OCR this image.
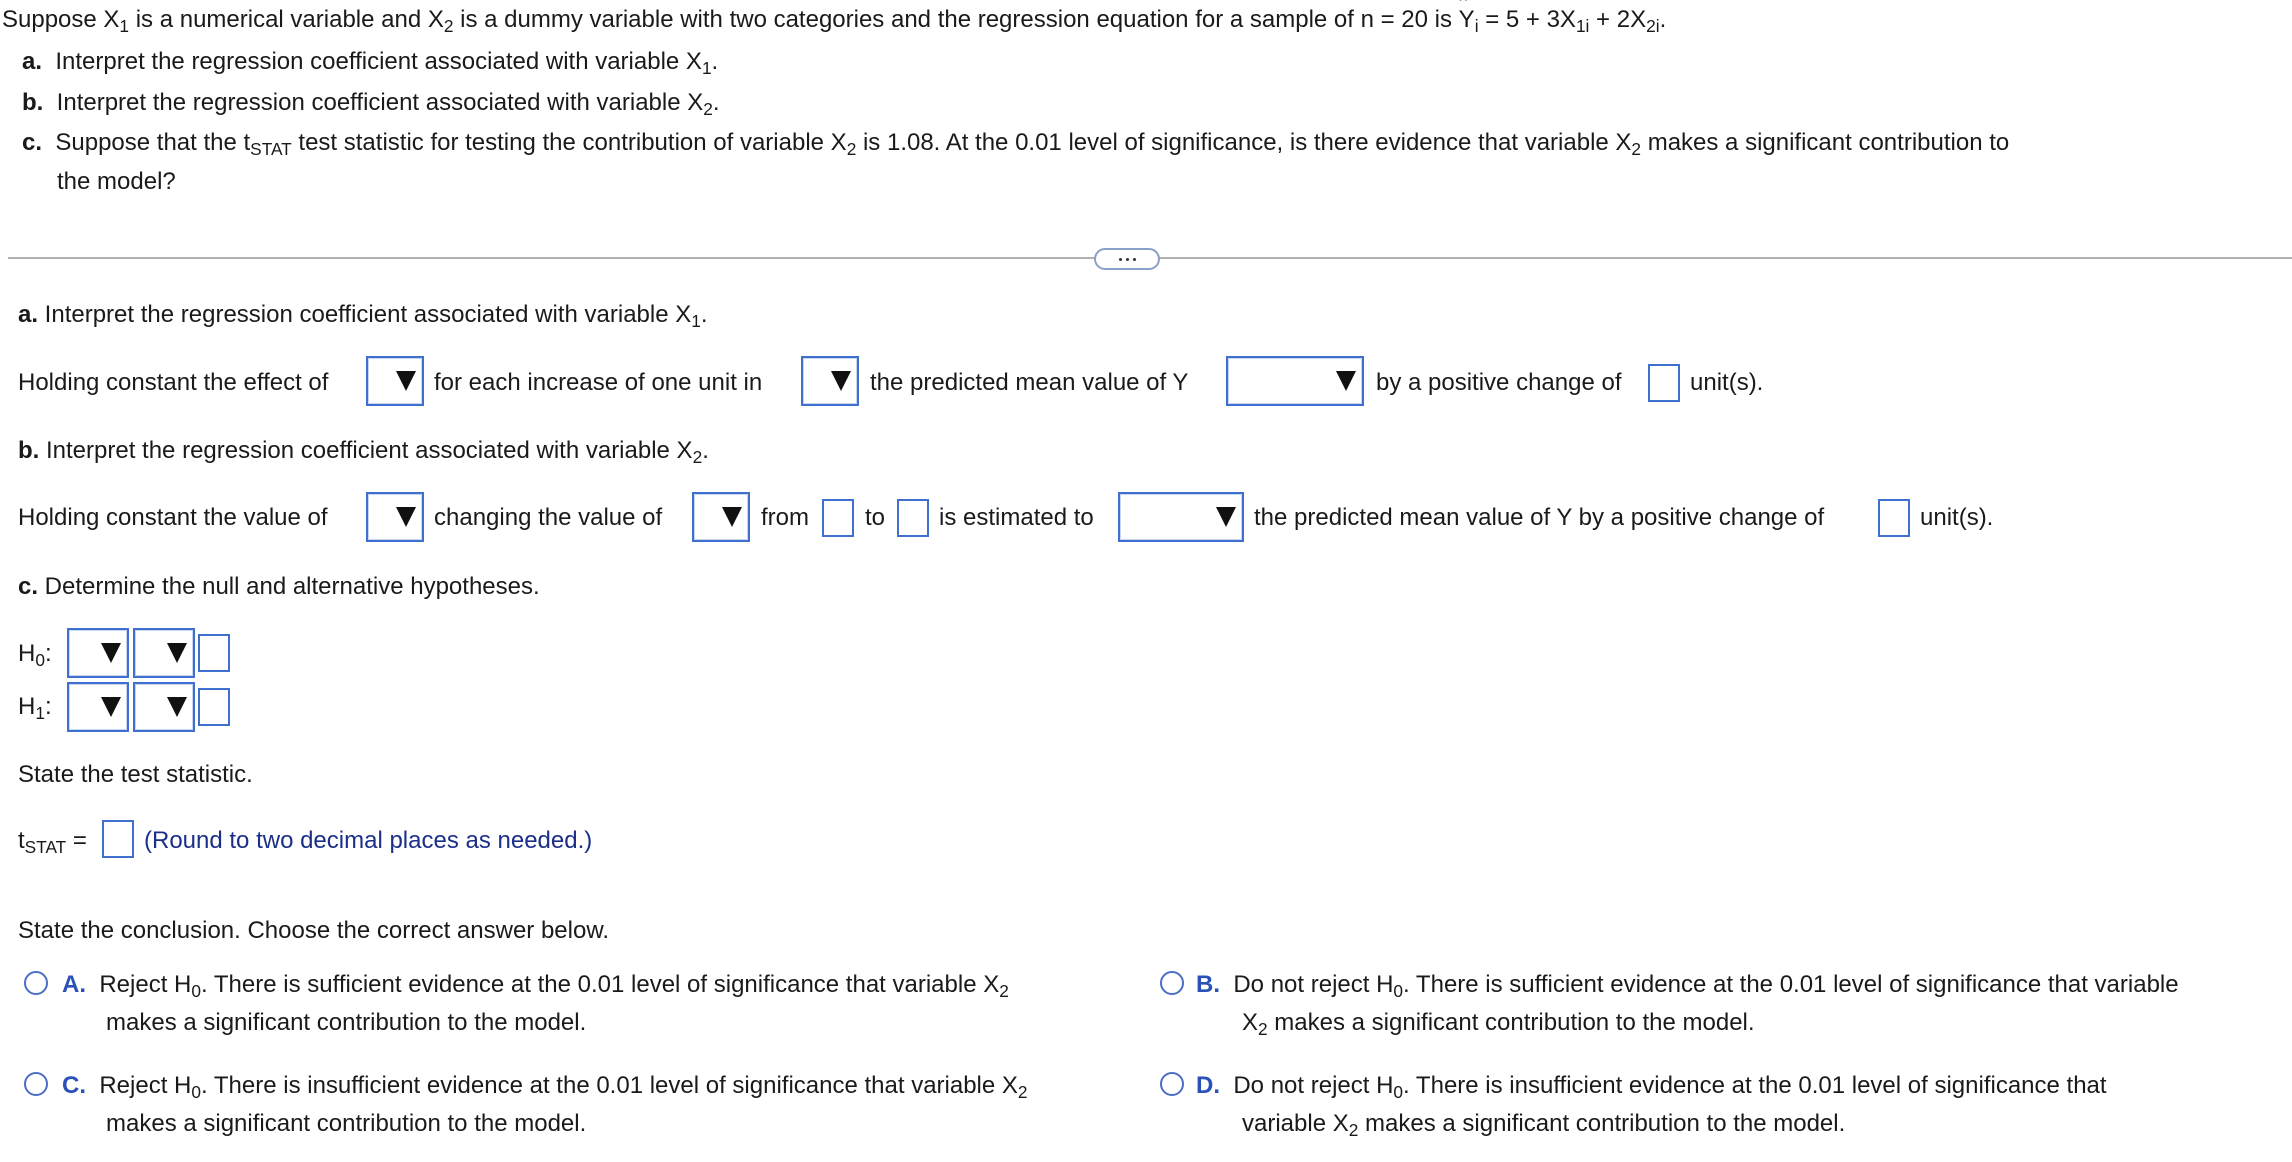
Suppose $X_1$ is a numerical variable and $X_2$ is a dummy variable with two categories and the regression equation for a sample of n = 20 is ˆ $Y_i = 5 + 3X_{1i} + 2X_{2i}$.
a. Interpret the regression coefficient associated with variable $X_1$.
b. Interpret the regression coefficient associated with variable $X_2$.
c. Suppose that the $t_{STAT}$ test statistic for testing the contribution of variable $X_2$ is 1.08. At the 0.01 level of significance, is there evidence that variable $X_2$ makes a significant contribution to
the model?
a. Interpret the regression coefficient associated with variable $X_1$.
Holding constant the effect of	for each increase of one unit in	the predicted mean value of Y	by a positive change of	unit(s).
b. Interpret the regression coefficient associated with variable $X_2$.
Holding constant the value of	changing the value of	from to is estimated to	the predicted mean value of Y by a positive change of	unit(s).
c. Determine the null and alternative hypotheses.
$H_0$:
$H_1$:
State the test statistic.
$t_{STAT}$ = (Round to two decimal places as needed.)
State the conclusion. Choose the correct answer below.
A. Reject $H_0$. There is sufficient evidence at the 0.01 level of significance that variable $X_2$
makes a significant contribution to the model.
B. Do not reject $H_0$. There is sufficient evidence at the 0.01 level of significance that variable
$X_2$ makes a significant contribution to the model.
C. Reject $H_0$. There is insufficient evidence at the 0.01 level of significance that variable $X_2$
makes a significant contribution to the model.
D. Do not reject $H_0$. There is insufficient evidence at the 0.01 level of significance that
variable $X_2$ makes a significant contribution to the model.
